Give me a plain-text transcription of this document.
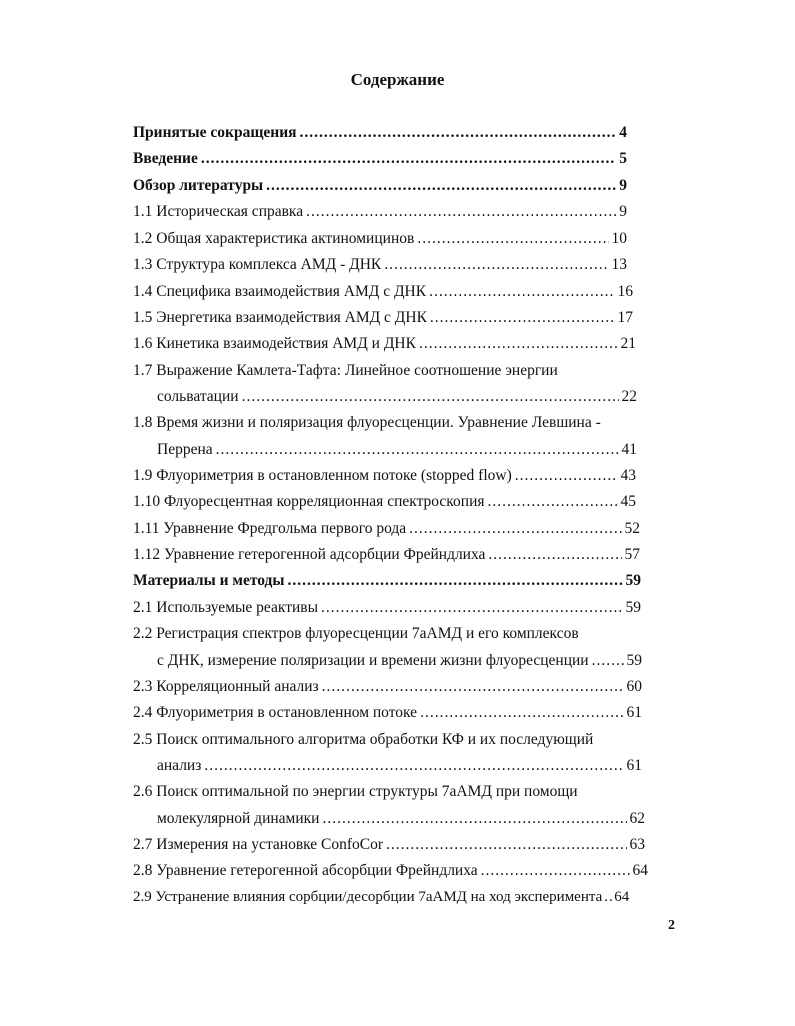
Содержание
Принятые сокращения .....	4
Введение .....	5
Обзор литературы .....	9
1.1 Историческая справка .....	9
1.2 Общая характеристика актиномицинов .....	10
1.3 Структура комплекса АМД - ДНК .....	13
1.4 Специфика взаимодействия АМД с ДНК .....	16
1.5 Энергетика взаимодействия АМД с ДНК .....	17
1.6 Кинетика взаимодействия АМД и ДНК .....	21
1.7 Выражение Камлета-Тафта: Линейное соотношение энергии
сольватации .....	22
1.8 Время жизни и поляризация флуоресценции. Уравнение Левшина -
Перрена .....	41
1.9 Флуориметрия в остановленном потоке (stopped flow) .....	43
1.10 Флуоресцентная корреляционная спектроскопия .....	45
1.11 Уравнение Фредгольма первого рода .....	52
1.12 Уравнение гетерогенной адсорбции Фрейндлиха .....	57
Материалы и методы .....	59
2.1 Используемые реактивы .....	59
2.2 Регистрация спектров флуоресценции 7аАМД и его комплексов
с ДНК, измерение поляризации и времени жизни флуоресценции ..... 59
2.3 Корреляционный анализ .....	60
2.4 Флуориметрия в остановленном потоке .....	61
2.5 Поиск оптимального алгоритма обработки КФ и их последующий
анализ .....	61
2.6 Поиск оптимальной по энергии структуры 7аАМД при помощи
молекулярной динамики .....	62
2.7 Измерения на установке ConfoCor .....	63
2.8 Уравнение гетерогенной абсорбции Фрейндлиха .....	64
2.9 Устранение влияния сорбции/десорбции 7аАМД на ход эксперимента ..... 64
2
